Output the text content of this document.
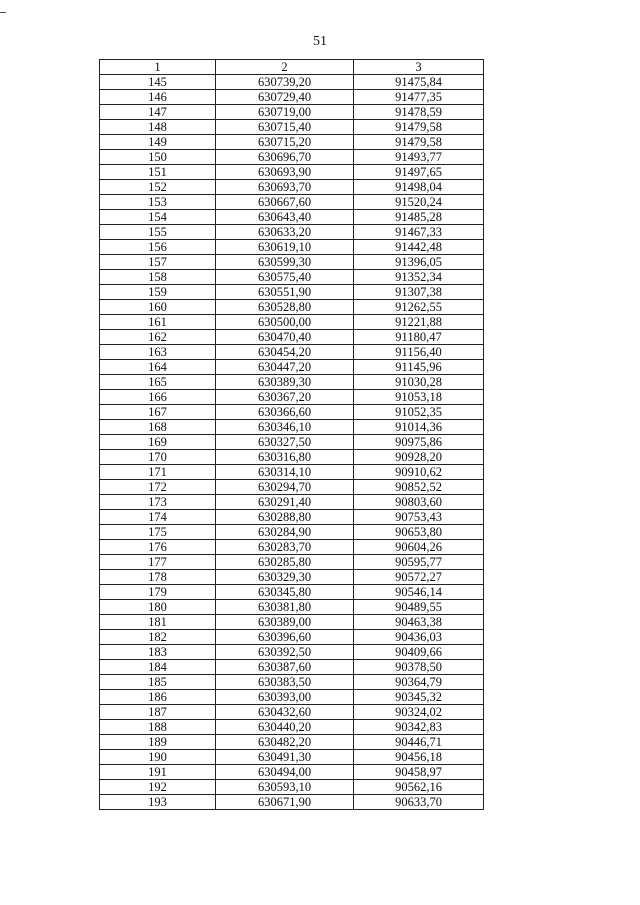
51
1	2	3
145	630739,20	91475,84
146	630729,40	91477,35
147	630719,00	91478,59
148	630715,40	91479,58
149	630715,20	91479,58
150	630696,70	91493,77
151	630693,90	91497,65
152	630693,70	91498,04
153	630667,60	91520,24
154	630643,40	91485,28
155	630633,20	91467,33
156	630619,10	91442,48
157	630599,30	91396,05
158	630575,40	91352,34
159	630551,90	91307,38
160	630528,80	91262,55
161	630500,00	91221,88
162	630470,40	91180,47
163	630454,20	91156,40
164	630447,20	91145,96
165	630389,30	91030,28
166	630367,20	91053,18
167	630366,60	91052,35
168	630346,10	91014,36
169	630327,50	90975,86
170	630316,80	90928,20
171	630314,10	90910,62
172	630294,70	90852,52
173	630291,40	90803,60
174	630288,80	90753,43
175	630284,90	90653,80
176	630283,70	90604,26
177	630285,80	90595,77
178	630329,30	90572,27
179	630345,80	90546,14
180	630381,80	90489,55
181	630389,00	90463,38
182	630396,60	90436,03
183	630392,50	90409,66
184	630387,60	90378,50
185	630383,50	90364,79
186	630393,00	90345,32
187	630432,60	90324,02
188	630440,20	90342,83
189	630482,20	90446,71
190	630491,30	90456,18
191	630494,00	90458,97
192	630593,10	90562,16
193	630671,90	90633,70
